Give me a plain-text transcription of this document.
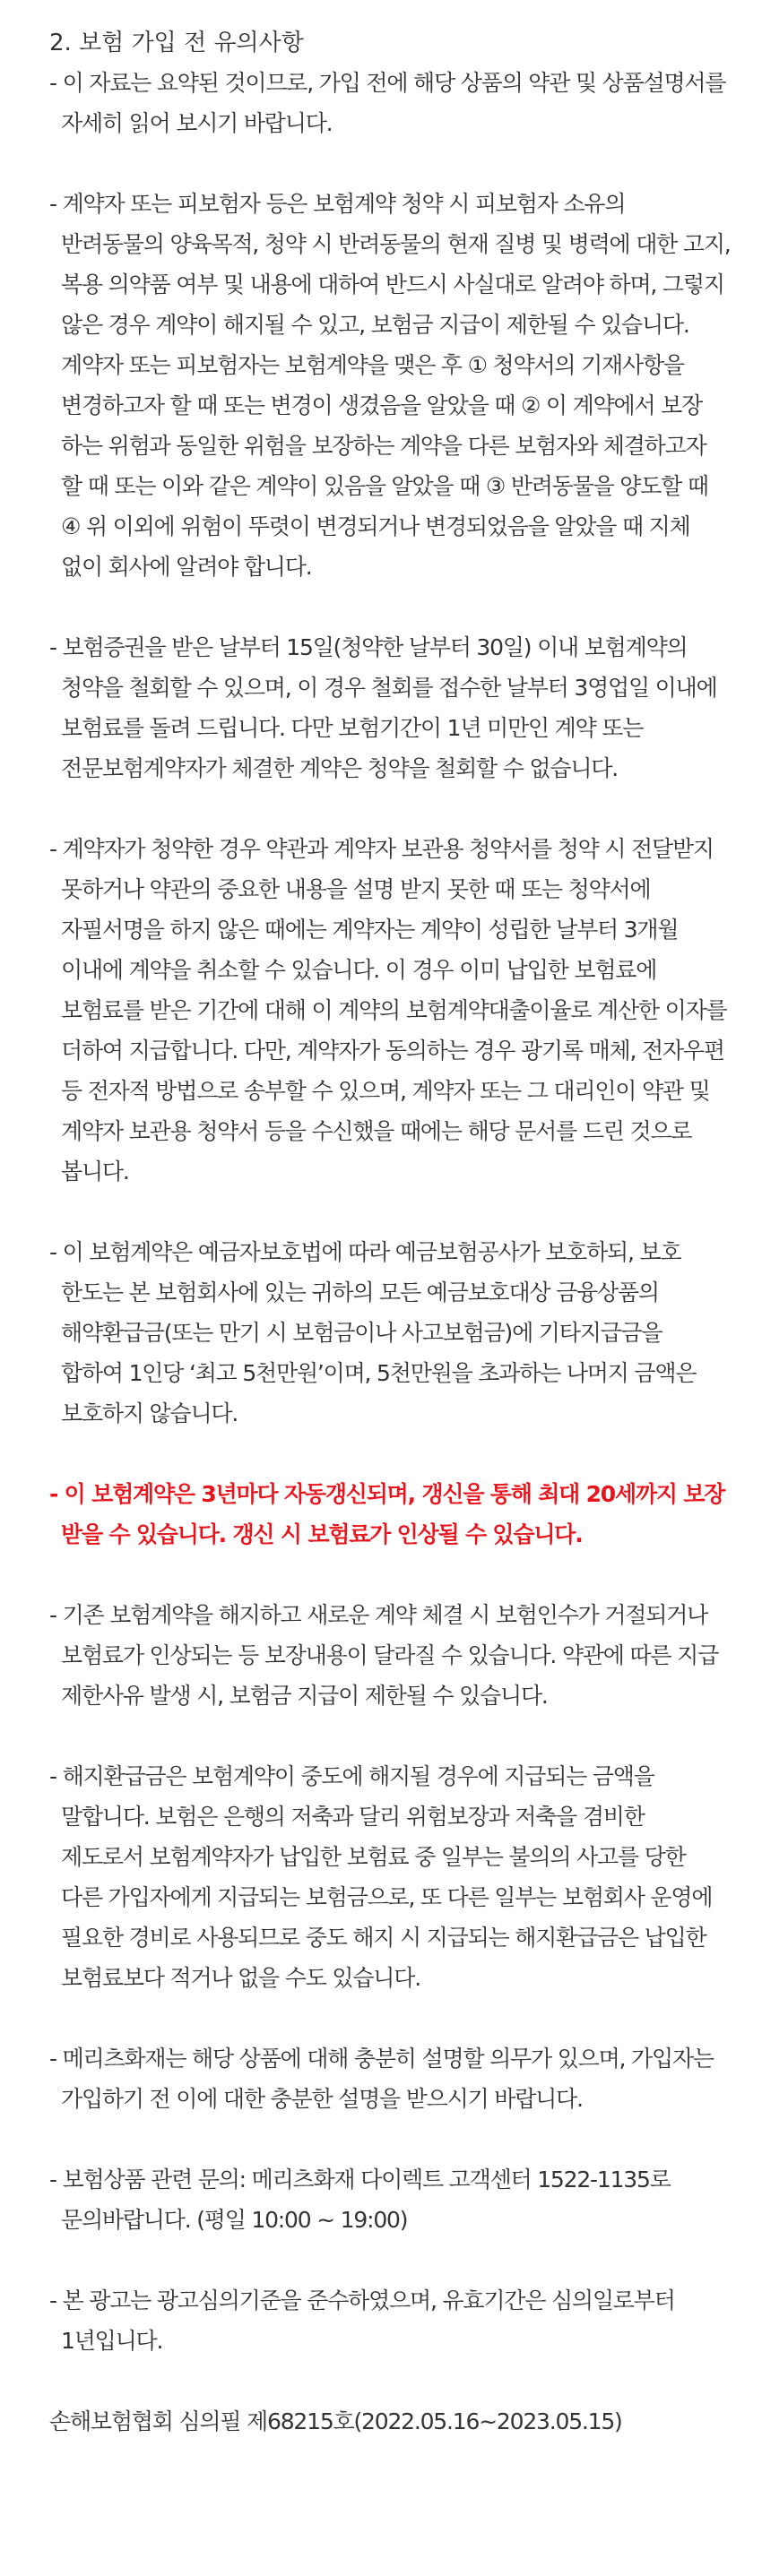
2. 보험 가입 전 유의사항
- 이 자료는 요약된 것이므로, 가입 전에 해당 상품의 약관 및 상품설명서를
자세히 읽어 보시기 바랍니다.
- 계약자 또는 피보험자 등은 보험계약 청약 시 피보험자 소유의
반려동물의 양육목적, 청약 시 반려동물의 현재 질병 및 병력에 대한 고지,
복용 의약품 여부 및 내용에 대하여 반드시 사실대로 알려야 하며, 그렇지
않은 경우 계약이 해지될 수 있고, 보험금 지급이 제한될 수 있습니다.
계약자 또는 피보험자는 보험계약을 맺은 후 ① 청약서의 기재사항을
변경하고자 할 때 또는 변경이 생겼음을 알았을 때 ② 이 계약에서 보장
하는 위험과 동일한 위험을 보장하는 계약을 다른 보험자와 체결하고자
할 때 또는 이와 같은 계약이 있음을 알았을 때 ③ 반려동물을 양도할 때
④ 위 이외에 위험이 뚜렷이 변경되거나 변경되었음을 알았을 때 지체
없이 회사에 알려야 합니다.
- 보험증권을 받은 날부터 15일(청약한 날부터 30일) 이내 보험계약의
청약을 철회할 수 있으며, 이 경우 철회를 접수한 날부터 3영업일 이내에
보험료를 돌려 드립니다. 다만 보험기간이 1년 미만인 계약 또는
전문보험계약자가 체결한 계약은 청약을 철회할 수 없습니다.
- 계약자가 청약한 경우 약관과 계약자 보관용 청약서를 청약 시 전달받지
못하거나 약관의 중요한 내용을 설명 받지 못한 때 또는 청약서에
자필서명을 하지 않은 때에는 계약자는 계약이 성립한 날부터 3개월
이내에 계약을 취소할 수 있습니다. 이 경우 이미 납입한 보험료에
보험료를 받은 기간에 대해 이 계약의 보험계약대출이율로 계산한 이자를
더하여 지급합니다. 다만, 계약자가 동의하는 경우 광기록 매체, 전자우편
등 전자적 방법으로 송부할 수 있으며, 계약자 또는 그 대리인이 약관 및
계약자 보관용 청약서 등을 수신했을 때에는 해당 문서를 드린 것으로
봅니다.
- 이 보험계약은 예금자보호법에 따라 예금보험공사가 보호하되, 보호
한도는 본 보험회사에 있는 귀하의 모든 예금보호대상 금융상품의
해약환급금(또는 만기 시 보험금이나 사고보험금)에 기타지급금을
합하여 1인당 ‘최고 5천만원’이며, 5천만원을 초과하는 나머지 금액은
보호하지 않습니다.
- 이 보험계약은 3년마다 자동갱신되며, 갱신을 통해 최대 20세까지 보장
받을 수 있습니다. 갱신 시 보험료가 인상될 수 있습니다.
- 기존 보험계약을 해지하고 새로운 계약 체결 시 보험인수가 거절되거나
보험료가 인상되는 등 보장내용이 달라질 수 있습니다. 약관에 따른 지급
제한사유 발생 시, 보험금 지급이 제한될 수 있습니다.
- 해지환급금은 보험계약이 중도에 해지될 경우에 지급되는 금액을
말합니다. 보험은 은행의 저축과 달리 위험보장과 저축을 겸비한
제도로서 보험계약자가 납입한 보험료 중 일부는 불의의 사고를 당한
다른 가입자에게 지급되는 보험금으로, 또 다른 일부는 보험회사 운영에
필요한 경비로 사용되므로 중도 해지 시 지급되는 해지환급금은 납입한
보험료보다 적거나 없을 수도 있습니다.
- 메리츠화재는 해당 상품에 대해 충분히 설명할 의무가 있으며, 가입자는
가입하기 전 이에 대한 충분한 설명을 받으시기 바랍니다.
- 보험상품 관련 문의: 메리츠화재 다이렉트 고객센터 1522-1135로
문의바랍니다. (평일 10:00 ~ 19:00)
- 본 광고는 광고심의기준을 준수하였으며, 유효기간은 심의일로부터
1년입니다.
손해보험협회 심의필 제68215호(2022.05.16~2023.05.15)
